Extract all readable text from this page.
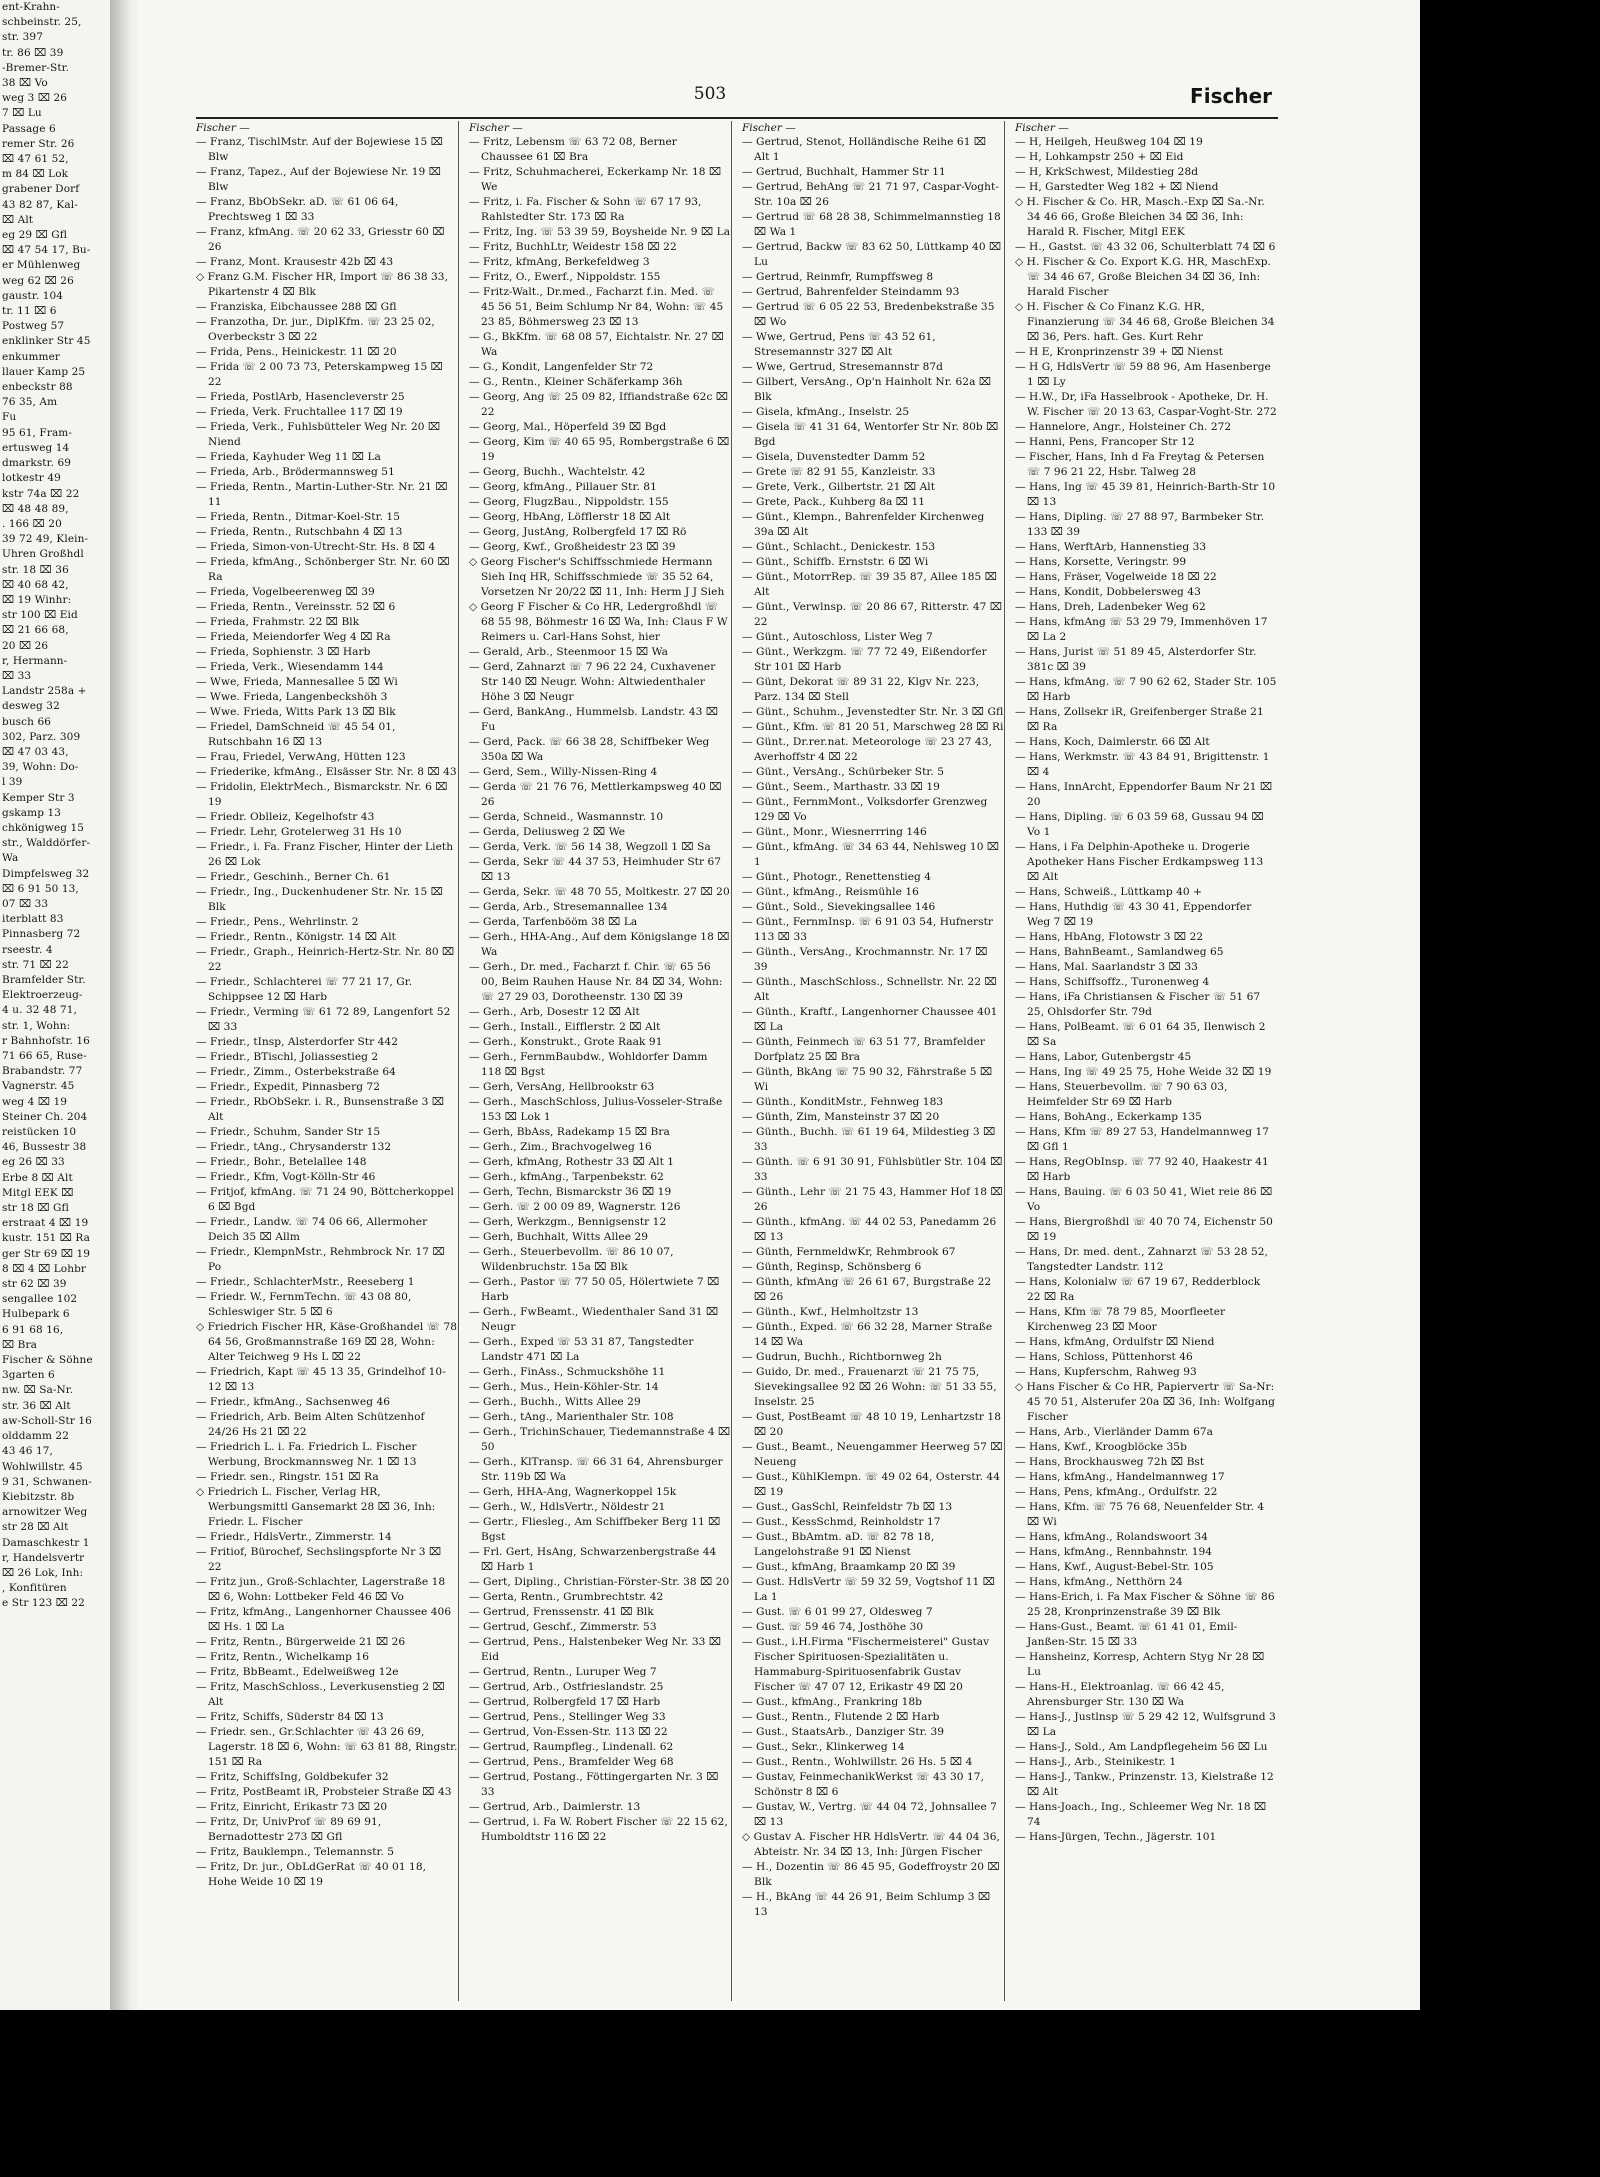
ent-Krahn-
schbeinstr. 25,
str. 397
tr. 86 ⌧ 39
-Bremer-Str.
38 ⌧ Vo
weg 3 ⌧ 26
7 ⌧ Lu
Passage 6
remer Str. 26
⌧ 47 61 52,
m 84 ⌧ Lok
grabener Dorf
43 82 87, Kal-
⌧ Alt
eg 29 ⌧ Gfl
⌧ 47 54 17, Bu-
er Mühlenweg
weg 62 ⌧ 26
gaustr. 104
tr. 11 ⌧ 6
Postweg 57
enklinker Str 45
enkummer
llauer Kamp 25
enbeckstr 88
76 35, Am
Fu
95 61, Fram-
ertusweg 14
dmarkstr. 69
lotkestr 49
kstr 74a ⌧ 22
⌧ 48 48 89,
. 166 ⌧ 20
39 72 49, Klein-
Uhren Großhdl
str. 18 ⌧ 36
⌧ 40 68 42,
⌧ 19 Winhr:
str 100 ⌧ Eid
⌧ 21 66 68,
20 ⌧ 26
r, Hermann-
⌧ 33
Landstr 258a +
desweg 32
busch 66
302, Parz. 309
⌧ 47 03 43,
39, Wohn: Do-
l 39
Kemper Str 3
gskamp 13
chkönigweg 15
str., Walddörfer-
Wa
Dimpfelsweg 32
⌧ 6 91 50 13,
07 ⌧ 33
iterblatt 83
Pinnasberg 72
rseestr. 4
str. 71 ⌧ 22
Bramfelder Str.
Elektroerzeug-
4 u. 32 48 71,
str. 1, Wohn:
r Bahnhofstr. 16
71 66 65, Ruse-
Brabandstr. 77
Vagnerstr. 45
weg 4 ⌧ 19
Steiner Ch. 204
reistücken 10
46, Bussestr 38
eg 26 ⌧ 33
Erbe 8 ⌧ Alt
Mitgl EEK ⌧
str 18 ⌧ Gfl
erstraat 4 ⌧ 19
kustr. 151 ⌧ Ra
ger Str 69 ⌧ 19
8 ⌧ 4 ⌧ Lohbr
str 62 ⌧ 39
sengallee 102
Hulbepark 6
6 91 68 16,
⌧ Bra
Fischer & Söhne
3garten 6
nw. ⌧ Sa-Nr.
str. 36 ⌧ Alt
aw-Scholl-Str 16
olddamm 22
43 46 17,
Wohlwillstr. 45
9 31, Schwanen-
Kiebitzstr. 8b
arnowitzer Weg
str 28 ⌧ Alt
Damaschkestr 1
r, Handelsvertr
⌧ 26 Lok, Inh:
, Konfitüren
e Str 123 ⌧ 22
503	Fischer
Fischer —
— Franz, TischlMstr. Auf der Bojewiese 15 ⌧ Blw
— Franz, Tapez., Auf der Bojewiese Nr. 19 ⌧ Blw
— Franz, BbObSekr. aD. ☏ 61 06 64, Prechtsweg 1 ⌧ 33
— Franz, kfmAng. ☏ 20 62 33, Griesstr 60 ⌧ 26
— Franz, Mont. Krausestr 42b ⌧ 43
◇ Franz G.M. Fischer HR, Import ☏ 86 38 33, Pikartenstr 4 ⌧ Blk
— Franziska, Eibchausseе 288 ⌧ Gfl
— Franzotha, Dr. jur., DiplKfm. ☏ 23 25 02, Overbeckstr 3 ⌧ 22
— Frida, Pens., Heinickestr. 11 ⌧ 20
— Frida ☏ 2 00 73 73, Peterskampweg 15 ⌧ 22
— Frieda, PostlArb, Hasenclеverstr 25
— Frieda, Verk. Fruchtallee 117 ⌧ 19
— Frieda, Verk., Fuhlsbütteler Weg Nr. 20 ⌧ Niend
— Frieda, Kayhuder Weg 11 ⌧ La
— Frieda, Arb., Brödermannsweg 51
— Frieda, Rentn., Martin-Luther-Str. Nr. 21 ⌧ 11
— Frieda, Rentn., Ditmar-Koel-Str. 15
— Frieda, Rentn., Rutschbahn 4 ⌧ 13
— Frieda, Simon-von-Utrecht-Str. Hs. 8 ⌧ 4
— Frieda, kfmAng., Schönberger Str. Nr. 60 ⌧ Ra
— Frieda, Vogelbeerenweg ⌧ 39
— Frieda, Rentn., Vereinsstr. 52 ⌧ 6
— Frieda, Frahmstr. 22 ⌧ Blk
— Frieda, Meiendorfer Weg 4 ⌧ Ra
— Frieda, Sophienstr. 3 ⌧ Harb
— Frieda, Verk., Wiesendamm 144
— Wwe, Frieda, Mannesallee 5 ⌧ Wi
— Wwe. Frieda, Langenbeckshöh 3
— Wwe. Frieda, Witts Park 13 ⌧ Blk
— Friedel, DamSchneid ☏ 45 54 01, Rutschbahn 16 ⌧ 13
— Frau, Friedel, VerwAng, Hütten 123
— Friederike, kfmAng., Elsässer Str. Nr. 8 ⌧ 43
— Fridolin, ElektrMech., Bismarckstr. Nr. 6 ⌧ 19
— Friedr. Oblleiz, Kegelhofstr 43
— Friedr. Lehr, Groteleгweg 31 Hs 10
— Friedr., i. Fa. Franz Fischer, Hinter der Lieth 26 ⌧ Lok
— Friedr., Geschinh., Berner Ch. 61
— Friedr., Ing., Duckenhudener Str. Nr. 15 ⌧ Blk
— Friedr., Pens., Wehrlinstr. 2
— Friedr., Rentn., Königstr. 14 ⌧ Alt
— Friedr., Graph., Heinrich-Hertz-Str. Nr. 80 ⌧ 22
— Friedr., Schlachterei ☏ 77 21 17, Gr. Schippsee 12 ⌧ Harb
— Friedr., Verming ☏ 61 72 89, Langenfort 52 ⌧ 33
— Friedr., tInsp, Alsterdorfer Str 442
— Friedr., BTischl, Joliassestieg 2
— Friedr., Zimm., Osterbekstraße 64
— Friedr., Expedit, Pinnasberg 72
— Friedr., RbObSekr. i. R., Bunsenstraße 3 ⌧ Alt
— Friedr., Schuhm, Sander Str 15
— Friedr., tAng., Chrysanderstr 132
— Friedr., Bohr., Betelallee 148
— Friedr., Kfm, Vogt-Kölln-Str 46
— Fritjof, kfmAng. ☏ 71 24 90, Böttcherkoppel 6 ⌧ Bgd
— Friedr., Landw. ☏ 74 06 66, Allermoher Deich 35 ⌧ Allm
— Friedr., KlempnMstr., Rehmbrock Nr. 17 ⌧ Po
— Friedr., SchlachterMstr., Reeseberg 1
— Friedr. W., FernmTechn. ☏ 43 08 80, Schleswiger Str. 5 ⌧ 6
◇ Friedrich Fischer HR, Käse-Großhandel ☏ 78 64 56, Großmannstraße 169 ⌧ 28, Wohn: Alter Teichweg 9 Hs L ⌧ 22
— Friedrich, Kapt ☏ 45 13 35, Grindelhof 10-12 ⌧ 13
— Friedr., kfmAng., Sachsenweg 46
— Friedrich, Arb. Beim Alten Schützenhof 24/26 Hs 21 ⌧ 22
— Friedrich L. i. Fa. Friedrich L. Fischer Werbung, Brockmannsweg Nr. 1 ⌧ 13
— Friedr. sen., Ringstr. 151 ⌧ Ra
◇ Friedrich L. Fischer, Verlag HR, Werbungsmittl Gansemarkt 28 ⌧ 36, Inh: Friedr. L. Fischer
— Friedr., HdlsVertr., Zimmerstr. 14
— Fritiof, Bürochef, Sechslingspforte Nr 3 ⌧ 22
— Fritz jun., Groß-Schlachter, Lagerstraße 18 ⌧ 6, Wohn: Lottbeker Feld 46 ⌧ Vo
— Fritz, kfmAng., Langenhorner Chaussee 406 ⌧ Hs. 1 ⌧ La
— Fritz, Rentn., Bürgerweide 21 ⌧ 26
— Fritz, Rentn., Wichelkamp 16
— Fritz, BbBeamt., Edelweißweg 12e
— Fritz, MaschSchloss., Leverkusenstieg 2 ⌧ Alt
— Fritz, Schiffs, Süderstr 84 ⌧ 13
— Friedr. sen., Gr.Schlachter ☏ 43 26 69, Lagerstr. 18 ⌧ 6, Wohn: ☏ 63 81 88, Ringstr. 151 ⌧ Ra
— Fritz, SchiffsIng, Goldbekufer 32
— Fritz, PostBeamt iR, Probsteier Straße ⌧ 43
— Fritz, Einricht, Erikastr 73 ⌧ 20
— Fritz, Dr, UnivProf ☏ 89 69 91, Bernadottestr 273 ⌧ Gfl
— Fritz, Bauklempn., Telemannstr. 5
— Fritz, Dr. jur., ObLdGerRat ☏ 40 01 18, Hohe Weide 10 ⌧ 19
Fischer —
— Fritz, Lebensm ☏ 63 72 08, Berner Chaussee 61 ⌧ Bra
— Fritz, Schuhmacherei, Eckerkamp Nr. 18 ⌧ We
— Fritz, i. Fa. Fischer & Sohn ☏ 67 17 93, Rahlstedter Str. 173 ⌧ Ra
— Fritz, Ing. ☏ 53 39 59, Boysheide Nr. 9 ⌧ La
— Fritz, BuchhLtr, Weidestr 158 ⌧ 22
— Fritz, kfmAng, Berkefeldweg 3
— Fritz, O., Ewerf., Nippoldstr. 155
— Fritz-Walt., Dr.med., Facharzt f.in. Med. ☏ 45 56 51, Beim Schlump Nr 84, Wohn: ☏ 45 23 85, Böhmersweg 23 ⌧ 13
— G., BkKfm. ☏ 68 08 57, Eichtalstr. Nr. 27 ⌧ Wa
— G., Kondit, Langenfelder Str 72
— G., Rentn., Kleiner Schäferkamp 36h
— Georg, Ang ☏ 25 09 82, Iffiandstraße 62c ⌧ 22
— Georg, Mal., Höperfeld 39 ⌧ Bgd
— Georg, Kim ☏ 40 65 95, Rombergstraße 6 ⌧ 19
— Georg, Buchh., Wachtelstr. 42
— Georg, kfmAng., Pillauer Str. 81
— Georg, FlugzBau., Nippoldstr. 155
— Georg, HbAng, Löfflerstr 18 ⌧ Alt
— Georg, JustAng, Rolbergfeld 17 ⌧ Rö
— Georg, Kwf., Großheidestr 23 ⌧ 39
◇ Georg Fischer's Schiffsschmiede Hermann Sieh Inq HR, Schiffsschmiede ☏ 35 52 64, Vorsetzen Nr 20/22 ⌧ 11, Inh: Herm J J Sieh
◇ Georg F Fischer & Co HR, Ledergroßhdl ☏ 68 55 98, Böhmestr 16 ⌧ Wa, Inh: Claus F W Reimers u. Carl-Hans Sohst, hier
— Gerald, Arb., Steenmoor 15 ⌧ Wa
— Gerd, Zahnarzt ☏ 7 96 22 24, Cuxhavener Str 140 ⌧ Neugr. Wohn: Altwiedenthaler Höhe 3 ⌧ Neugr
— Gerd, BankAng., Hummelsb. Landstr. 43 ⌧ Fu
— Gerd, Pack. ☏ 66 38 28, Schiffbeker Weg 350a ⌧ Wa
— Gerd, Sem., Willy-Nissen-Ring 4
— Gerda ☏ 21 76 76, Mettlerkampsweg 40 ⌧ 26
— Gerda, Schneid., Wasmannstr. 10
— Gerda, Deliusweg 2 ⌧ We
— Gerda, Verk. ☏ 56 14 38, Wegzoll 1 ⌧ Sa
— Gerda, Sekr ☏ 44 37 53, Heimhuder Str 67 ⌧ 13
— Gerda, Sekr. ☏ 48 70 55, Moltkestr. 27 ⌧ 20
— Gerda, Arb., Stresemannallee 134
— Gerda, Tarfenbööm 38 ⌧ La
— Gerh., HHA-Ang., Auf dem Königslange 18 ⌧ Wa
— Gerh., Dr. med., Facharzt f. Chir. ☏ 65 56 00, Beim Rauhen Hause Nr. 84 ⌧ 34, Wohn: ☏ 27 29 03, Dorotheenstr. 130 ⌧ 39
— Gerh., Arb, Dosestr 12 ⌧ Alt
— Gerh., Install., Eifflerstr. 2 ⌧ Alt
— Gerh., Konstrukt., Grote Raak 91
— Gerh., FernmBaubdw., Wohldorfer Damm 118 ⌧ Bgst
— Gerh, VersAng, Hellbrookstr 63
— Gerh., MaschSchloss, Julius-Vosseler-Straße 153 ⌧ Lok 1
— Gerh, BbAss, Radekamp 15 ⌧ Bra
— Gerh., Zim., Brachvogelweg 16
— Gerh, kfmAng, Rothestr 33 ⌧ Alt 1
— Gerh., kfmAng., Tarpenbekstr. 62
— Gerh, Techn, Bismarckstr 36 ⌧ 19
— Gerh. ☏ 2 00 09 89, Wagnerstr. 126
— Gerh, Werkzgm., Bennigsenstr 12
— Gerh, Buchhalt, Witts Allee 29
— Gerh., Steuerbevollm. ☏ 86 10 07, Wildenbruchstr. 15a ⌧ Blk
— Gerh., Pastor ☏ 77 50 05, Hölertwiete 7 ⌧ Harb
— Gerh., FwBeamt., Wiedenthaler Sand 31 ⌧ Neugr
— Gerh., Exped ☏ 53 31 87, Tangstedter Landstr 471 ⌧ La
— Gerh., FinAss., Schmuckshöhe 11
— Gerh., Mus., Hein-Köhler-Str. 14
— Gerh., Buchh., Witts Allee 29
— Gerh., tAng., Marienthaler Str. 108
— Gerh., TrichinSchauer, Tiedemannstraße 4 ⌧ 50
— Gerh., KlTransp. ☏ 66 31 64, Ahrensburger Str. 119b ⌧ Wa
— Gerh, HHA-Ang, Wagnerkoppel 15k
— Gerh., W., HdlsVertr., Nöldestr 21
— Gertr., Fliesleg., Am Schiffbeker Berg 11 ⌧ Bgst
— Frl. Gert, HsAng, Schwarzenbergstraße 44 ⌧ Harb 1
— Gert, Dipling., Christian-Förster-Str. 38 ⌧ 20
— Gerta, Rentn., Grumbrechtstr. 42
— Gertrud, Frenssenstr. 41 ⌧ Blk
— Gertrud, Geschf., Zimmerstr. 53
— Gertrud, Pens., Halstenbeker Weg Nr. 33 ⌧ Eid
— Gertrud, Rentn., Luruper Weg 7
— Gertrud, Arb., Ostfrieslandstr. 25
— Gertrud, Rolbergfeld 17 ⌧ Harb
— Gertrud, Pens., Stellinger Weg 33
— Gertrud, Von-Essen-Str. 113 ⌧ 22
— Gertrud, Raumpfleg., Lindenall. 62
— Gertrud, Pens., Bramfelder Weg 68
— Gertrud, Postang., Föttingergarten Nr. 3 ⌧ 33
— Gertrud, Arb., Daimlerstr. 13
— Gertrud, i. Fa W. Robert Fischer ☏ 22 15 62, Humboldtstr 116 ⌧ 22
Fischer —
— Gertrud, Stenot, Holländische Reihe 61 ⌧ Alt 1
— Gertrud, Buchhalt, Hammer Str 11
— Gertrud, BehAng ☏ 21 71 97, Caspar-Voght-Str. 10a ⌧ 26
— Gertrud ☏ 68 28 38, Schimmelmannstieg 18 ⌧ Wa 1
— Gertrud, Backw ☏ 83 62 50, Lüttkamp 40 ⌧ Lu
— Gertrud, Reinmfr, Rumpffsweg 8
— Gertrud, Bahrenfelder Steindamm 93
— Gertrud ☏ 6 05 22 53, Bredenbekstraße 35 ⌧ Wo
— Wwe, Gertrud, Pens ☏ 43 52 61, Stresemannstr 327 ⌧ Alt
— Wwe, Gertrud, Stresemannstr 87d
— Gilbert, VersAng., Op'n Hainholt Nr. 62a ⌧ Blk
— Gisela, kfmAng., Inselstr. 25
— Gisela ☏ 41 31 64, Wentorfer Str Nr. 80b ⌧ Bgd
— Gisela, Duvenstedter Damm 52
— Grete ☏ 82 91 55, Kanzleistr. 33
— Grete, Verk., Gilbertstr. 21 ⌧ Alt
— Grete, Pack., Kuhberg 8a ⌧ 11
— Günt., Klempn., Bahrenfelder Kirchenweg 39a ⌧ Alt
— Günt., Schlacht., Denickestr. 153
— Günt., Schiffb. Ernststr. 6 ⌧ Wi
— Günt., MotorrRep. ☏ 39 35 87, Allee 185 ⌧ Alt
— Günt., Verwlnsp. ☏ 20 86 67, Ritterstr. 47 ⌧ 22
— Günt., Autoschloss, Lister Weg 7
— Günt., Werkzgm. ☏ 77 72 49, Eißendorfer Str 101 ⌧ Harb
— Günt, Dekorat ☏ 89 31 22, Klgv Nr. 223, Parz. 134 ⌧ Stell
— Günt., Schuhm., Jevenstedter Str. Nr. 3 ⌧ Gfl
— Günt., Kfm. ☏ 81 20 51, Marschweg 28 ⌧ Ri
— Günt., Dr.rer.nat. Meteorologe ☏ 23 27 43, Averhoffstr 4 ⌧ 22
— Günt., VersAng., Schürbeker Str. 5
— Günt., Seem., Marthastr. 33 ⌧ 19
— Günt., FernmMont., Volksdorfer Grenzweg 129 ⌧ Vo
— Günt., Monr., Wiesnerrring 146
— Günt., kfmAng. ☏ 34 63 44, Nehlsweg 10 ⌧ 1
— Günt., Photogr., Renettenstieg 4
— Günt., kfmAng., Reismühle 16
— Günt., Sold., Sievekingsallee 146
— Günt., FernmInsp. ☏ 6 91 03 54, Hufnerstr 113 ⌧ 33
— Günth., VersAng., Krochmannstr. Nr. 17 ⌧ 39
— Günth., MaschSchloss., Schnellstr. Nr. 22 ⌧ Alt
— Günth., Kraftf., Langenhorner Chaussee 401 ⌧ La
— Günth, Feinmech ☏ 63 51 77, Bramfelder Dorfplatz 25 ⌧ Bra
— Günth, BkAng ☏ 75 90 32, Fährstraße 5 ⌧ Wi
— Günth., KonditMstr., Fehnweg 183
— Günth, Zim, Mansteinstr 37 ⌧ 20
— Günth., Buchh. ☏ 61 19 64, Mildestieg 3 ⌧ 33
— Günth. ☏ 6 91 30 91, Fühlsbütler Str. 104 ⌧ 33
— Günth., Lehr ☏ 21 75 43, Hammer Hof 18 ⌧ 26
— Günth., kfmAng. ☏ 44 02 53, Panedamm 26 ⌧ 13
— Günth, FernmeldwKr, Rehmbrook 67
— Günth, Reginsp, Schönsberg 6
— Günth, kfmAng ☏ 26 61 67, Burgstraße 22 ⌧ 26
— Günth., Kwf., Helmholtzstr 13
— Günth., Exped. ☏ 66 32 28, Marner Straße 14 ⌧ Wa
— Gudrun, Buchh., Richtbornweg 2h
— Guido, Dr. med., Frauenarzt ☏ 21 75 75, Sievekingsallee 92 ⌧ 26 Wohn: ☏ 51 33 55, Inselstr. 25
— Gust, PostBeamt ☏ 48 10 19, Lenhartzstr 18 ⌧ 20
— Gust., Beamt., Neuengammer Heerweg 57 ⌧ Neueng
— Gust., KühlKlempn. ☏ 49 02 64, Osterstr. 44 ⌧ 19
— Gust., GasSchl, Reinfeldstr 7b ⌧ 13
— Gust., KessSchmd, Reinholdstr 17
— Gust., BbAmtm. aD. ☏ 82 78 18, Langelohstraße 91 ⌧ Nienst
— Gust., kfmAng, Braamkamp 20 ⌧ 39
— Gust. HdlsVertr ☏ 59 32 59, Vogtshof 11 ⌧ La 1
— Gust. ☏ 6 01 99 27, Oldesweg 7
— Gust. ☏ 59 46 74, Josthöhe 30
— Gust., i.H.Firma "Fischermeisterei" Gustav Fischer Spirituosen-Spezialitäten u. Hammaburg-Spirituosenfabrik Gustav Fischer ☏ 47 07 12, Erikastr 49 ⌧ 20
— Gust., kfmAng., Frankring 18b
— Gust., Rentn., Flutende 2 ⌧ Harb
— Gust., StaatsArb., Danziger Str. 39
— Gust., Sekr., Klinkerweg 14
— Gust., Rentn., Wohlwillstr. 26 Hs. 5 ⌧ 4
— Gustav, FeinmechanikWerkst ☏ 43 30 17, Schönstr 8 ⌧ 6
— Gustav, W., Vertrg. ☏ 44 04 72, Johnsallee 7 ⌧ 13
◇ Gustav A. Fischer HR HdlsVertr. ☏ 44 04 36, Abteistr. Nr. 34 ⌧ 13, Inh: Jürgen Fischer
— H., Dozentin ☏ 86 45 95, Godeffroystr 20 ⌧ Blk
— H., BkAng ☏ 44 26 91, Beim Schlump 3 ⌧ 13
Fischer —
— H, Heilgeh, Heußweg 104 ⌧ 19
— H, Lohkampstr 250 + ⌧ Eid
— H, KrkSchwest, Mildestieg 28d
— H, Garstedter Weg 182 + ⌧ Niend
◇ H. Fischer & Co. HR, Masch.-Exp ⌧ Sa.-Nr. 34 46 66, Große Bleichen 34 ⌧ 36, Inh: Harald R. Fischer, Mitgl EEK
— H., Gastst. ☏ 43 32 06, Schulterblatt 74 ⌧ 6
◇ H. Fischer & Co. Export K.G. HR, MaschExp. ☏ 34 46 67, Große Bleichen 34 ⌧ 36, Inh: Harald Fischer
◇ H. Fischer & Co Finanz K.G. HR, Finanzierung ☏ 34 46 68, Große Bleichen 34 ⌧ 36, Pers. haft. Ges. Kurt Rehr
— H E, Kronprinzenstr 39 + ⌧ Nienst
— H G, HdlsVertr ☏ 59 88 96, Am Hasenberge 1 ⌧ Ly
— H.W., Dr, iFa Hasselbrook - Apotheke, Dr. H. W. Fischer ☏ 20 13 63, Caspar-Voght-Str. 272
— Hannelore, Angr., Holsteiner Ch. 272
— Hanni, Pens, Francoper Str 12
— Fischer, Hans, Inh d Fa Freytag & Petersen ☏ 7 96 21 22, Hsbr. Talweg 28
— Hans, Ing ☏ 45 39 81, Heinrich-Barth-Str 10 ⌧ 13
— Hans, Dipling. ☏ 27 88 97, Barmbeker Str. 133 ⌧ 39
— Hans, WerftArb, Hannenstieg 33
— Hans, Korsette, Veringstr. 99
— Hans, Fräser, Vogelweide 18 ⌧ 22
— Hans, Kondit, Dobbelersweg 43
— Hans, Dreh, Ladenbeker Weg 62
— Hans, kfmAng ☏ 53 29 79, Immenhöven 17 ⌧ La 2
— Hans, Jurist ☏ 51 89 45, Alsterdorfer Str. 381c ⌧ 39
— Hans, kfmAng. ☏ 7 90 62 62, Stader Str. 105 ⌧ Harb
— Hans, Zollsekr iR, Greifenberger Straße 21 ⌧ Ra
— Hans, Koch, Daimlerstr. 66 ⌧ Alt
— Hans, Werkmstr. ☏ 43 84 91, Brigittenstr. 1 ⌧ 4
— Hans, InnArcht, Eppendorfer Baum Nr 21 ⌧ 20
— Hans, Dipling. ☏ 6 03 59 68, Gussau 94 ⌧ Vo 1
— Hans, i Fa Delphin-Apotheke u. Drogerie Apotheker Hans Fischer Erdkampsweg 113 ⌧ Alt
— Hans, Schweiß., Lüttkamp 40 +
— Hans, Huthdig ☏ 43 30 41, Eppendorfer Weg 7 ⌧ 19
— Hans, HbAng, Flotowstr 3 ⌧ 22
— Hans, BahnBeamt., Samlandweg 65
— Hans, Mal. Saarlandstr 3 ⌧ 33
— Hans, Schiffsoffz., Turonenweg 4
— Hans, iFa Christiansen & Fischer ☏ 51 67 25, Ohlsdorfer Str. 79d
— Hans, PolBeamt. ☏ 6 01 64 35, Ilenwisch 2 ⌧ Sa
— Hans, Labor, Gutenbergstr 45
— Hans, Ing ☏ 49 25 75, Hohe Weide 32 ⌧ 19
— Hans, Steuerbevollm. ☏ 7 90 63 03, Heimfelder Str 69 ⌧ Harb
— Hans, BohAng., Eckerkamp 135
— Hans, Kfm ☏ 89 27 53, Handelmannweg 17 ⌧ Gfl 1
— Hans, RegObInsp. ☏ 77 92 40, Haakestr 41 ⌧ Harb
— Hans, Bauing. ☏ 6 03 50 41, Wiet reie 86 ⌧ Vo
— Hans, Biergroßhdl ☏ 40 70 74, Eichenstr 50 ⌧ 19
— Hans, Dr. med. dent., Zahnarzt ☏ 53 28 52, Tangstedter Landstr. 112
— Hans, Kolonialw ☏ 67 19 67, Redderblock 22 ⌧ Ra
— Hans, Kfm ☏ 78 79 85, Moorfleeter Kirchenweg 23 ⌧ Moor
— Hans, kfmAng, Ordulfstr ⌧ Niend
— Hans, Schloss, Püttenhorst 46
— Hans, Kupferschm, Rahweg 93
◇ Hans Fischer & Co HR, Papiervertr ☏ Sa-Nr: 45 70 51, Alsterufer 20a ⌧ 36, Inh: Wolfgang Fischer
— Hans, Arb., Vierländer Damm 67a
— Hans, Kwf., Kroogblöcke 35b
— Hans, Brockhausweg 72h ⌧ Bst
— Hans, kfmAng., Handelmannweg 17
— Hans, Pens, kfmAng., Ordulfstr. 22
— Hans, Kfm. ☏ 75 76 68, Neuenfelder Str. 4 ⌧ Wi
— Hans, kfmAng., Rolandswoort 34
— Hans, kfmAng., Rennbahnstr. 194
— Hans, Kwf., August-Bebel-Str. 105
— Hans, kfmAng., Netthörn 24
— Hans-Erich, i. Fa Max Fischer & Söhne ☏ 86 25 28, Kronprinzenstraße 39 ⌧ Blk
— Hans-Gust., Beamt. ☏ 61 41 01, Emil-Janßen-Str. 15 ⌧ 33
— Hansheinz, Korresp, Achtern Styg Nr 28 ⌧ Lu
— Hans-H., Elektroanlag. ☏ 66 42 45, Ahrensburger Str. 130 ⌧ Wa
— Hans-J., Justlnsp ☏ 5 29 42 12, Wulfsgrund 3 ⌧ La
— Hans-J., Sold., Am Landpflegeheim 56 ⌧ Lu
— Hans-J., Arb., Steinikestr. 1
— Hans-J., Tankw., Prinzenstr. 13, Kielstraße 12 ⌧ Alt
— Hans-Joach., Ing., Schleemer Weg Nr. 18 ⌧ 74
— Hans-Jürgen, Techn., Jägerstr. 101
